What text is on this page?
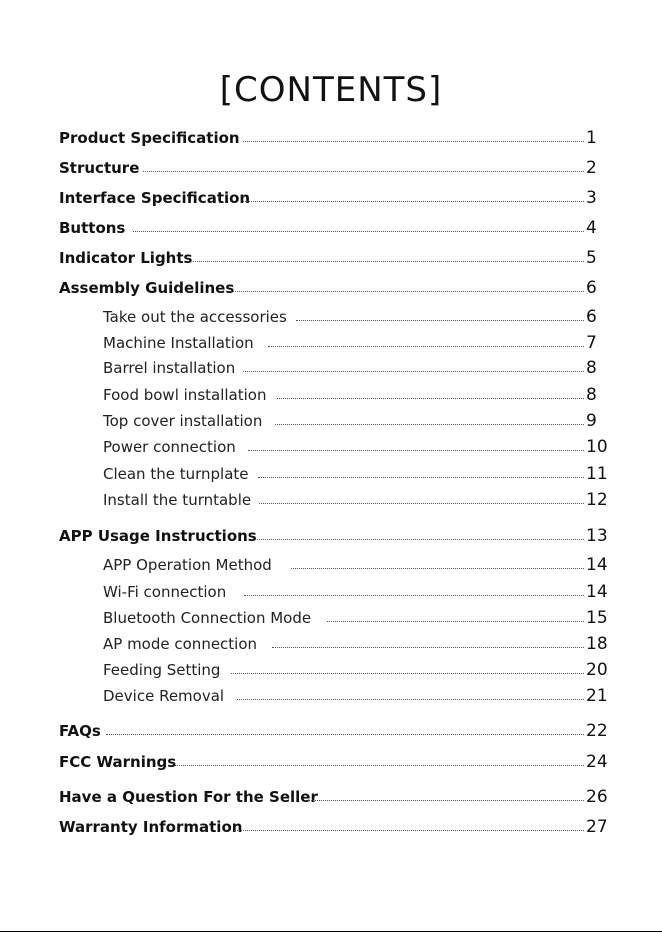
[CONTENTS]
Product Specification	1
Structure	2
Interface Specification	3
Buttons	4
Indicator Lights	5
Assembly Guidelines	6
Take out the accessories	6
Machine Installation	7
Barrel installation	8
Food bowl installation	8
Top cover installation	9
Power connection	10
Clean the turnplate	11
Install the turntable	12
APP Usage Instructions	13
APP Operation Method	14
Wi-Fi connection	14
Bluetooth Connection Mode	15
AP mode connection	18
Feeding Setting	20
Device Removal	21
FAQs	22
FCC Warnings	24
Have a Question For the Seller	26
Warranty Information	27
